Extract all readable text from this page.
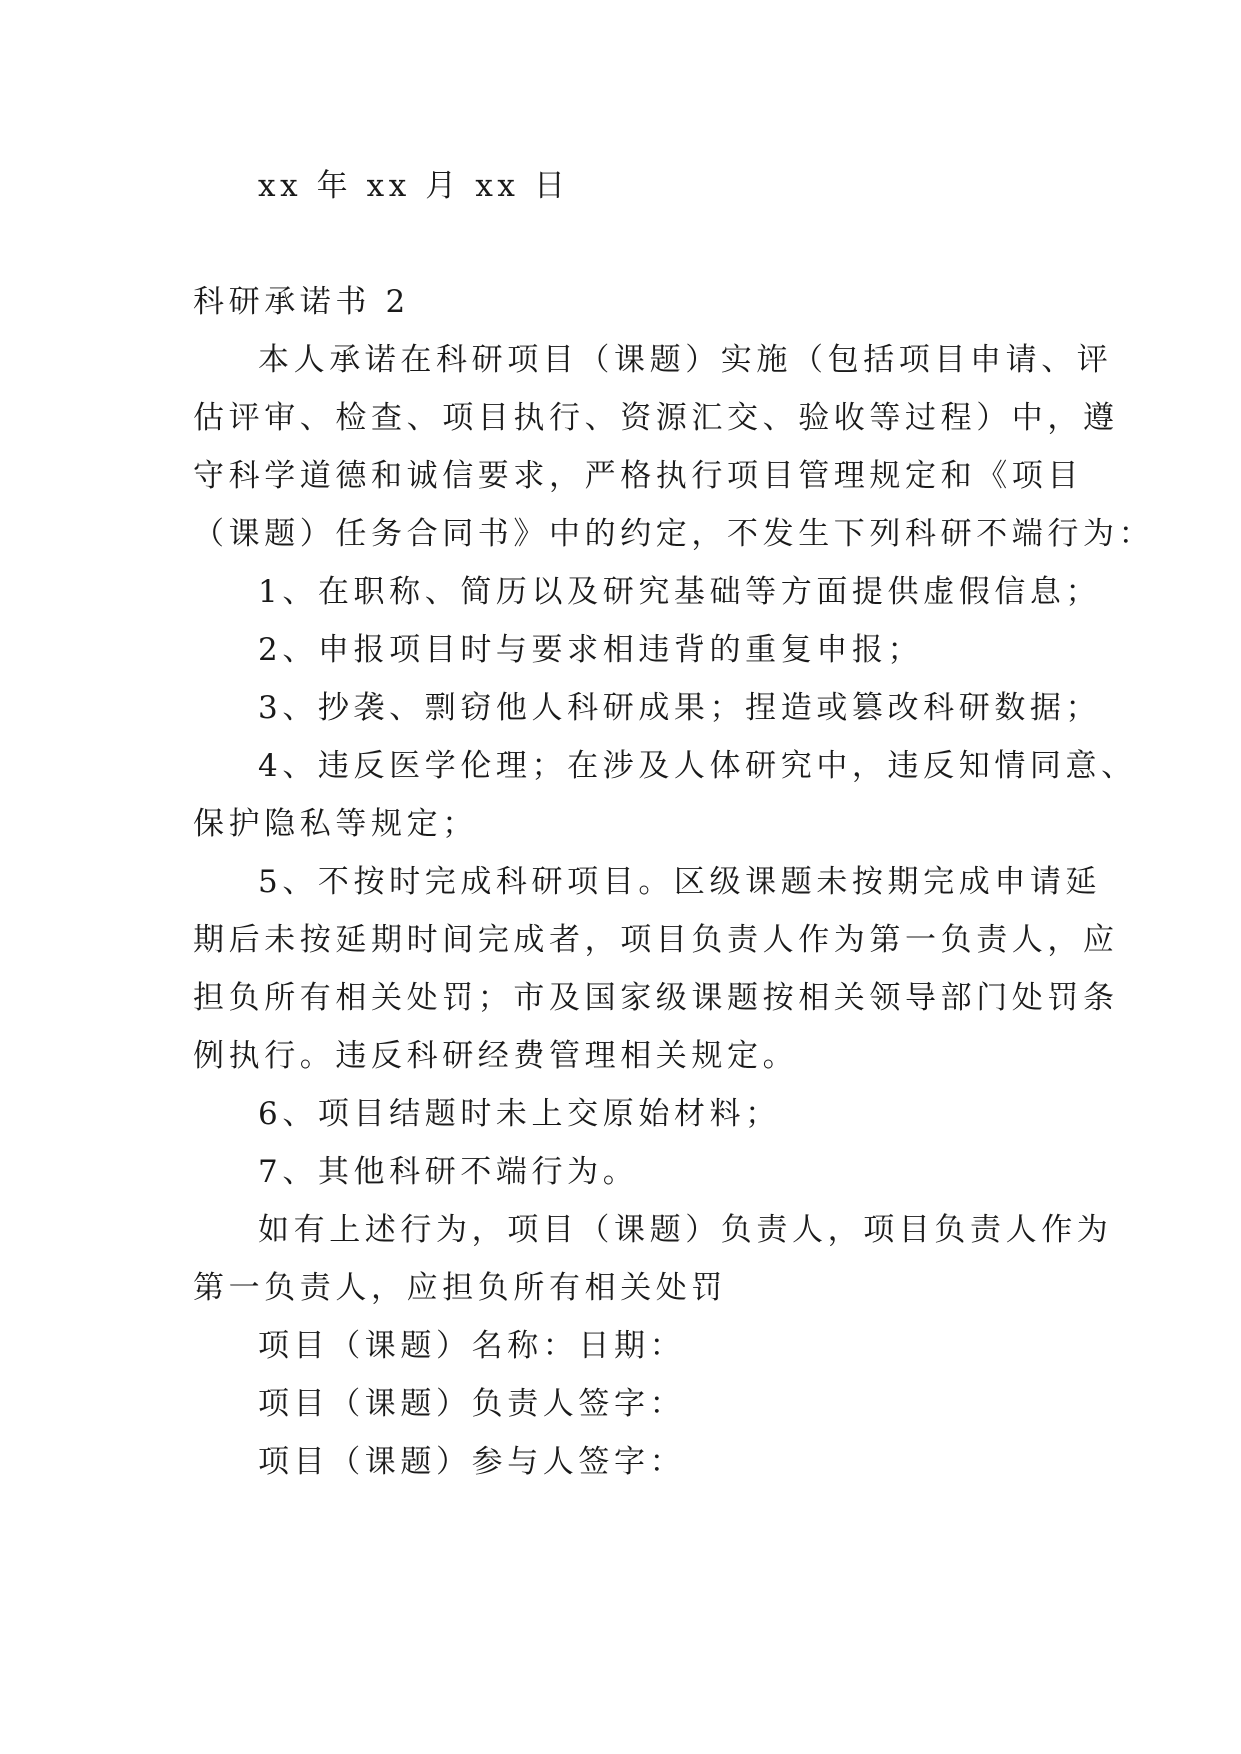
xx 年 xx 月 xx 日
科研承诺书 2
本人承诺在科研项目（课题）实施（包括项目申请、评
估评审、检查、项目执行、资源汇交、验收等过程）中，遵
守科学道德和诚信要求，严格执行项目管理规定和《项目
（课题）任务合同书》中的约定，不发生下列科研不端行为：
1、在职称、简历以及研究基础等方面提供虚假信息；
2、申报项目时与要求相违背的重复申报；
3、抄袭、剽窃他人科研成果；捏造或篡改科研数据；
4、违反医学伦理；在涉及人体研究中，违反知情同意、
保护隐私等规定；
5、不按时完成科研项目。区级课题未按期完成申请延
期后未按延期时间完成者，项目负责人作为第一负责人，应
担负所有相关处罚；市及国家级课题按相关领导部门处罚条
例执行。违反科研经费管理相关规定。
6、项目结题时未上交原始材料；
7、其他科研不端行为。
如有上述行为，项目（课题）负责人，项目负责人作为
第一负责人，应担负所有相关处罚
项目（课题）名称：日期：
项目（课题）负责人签字：
项目（课题）参与人签字：
